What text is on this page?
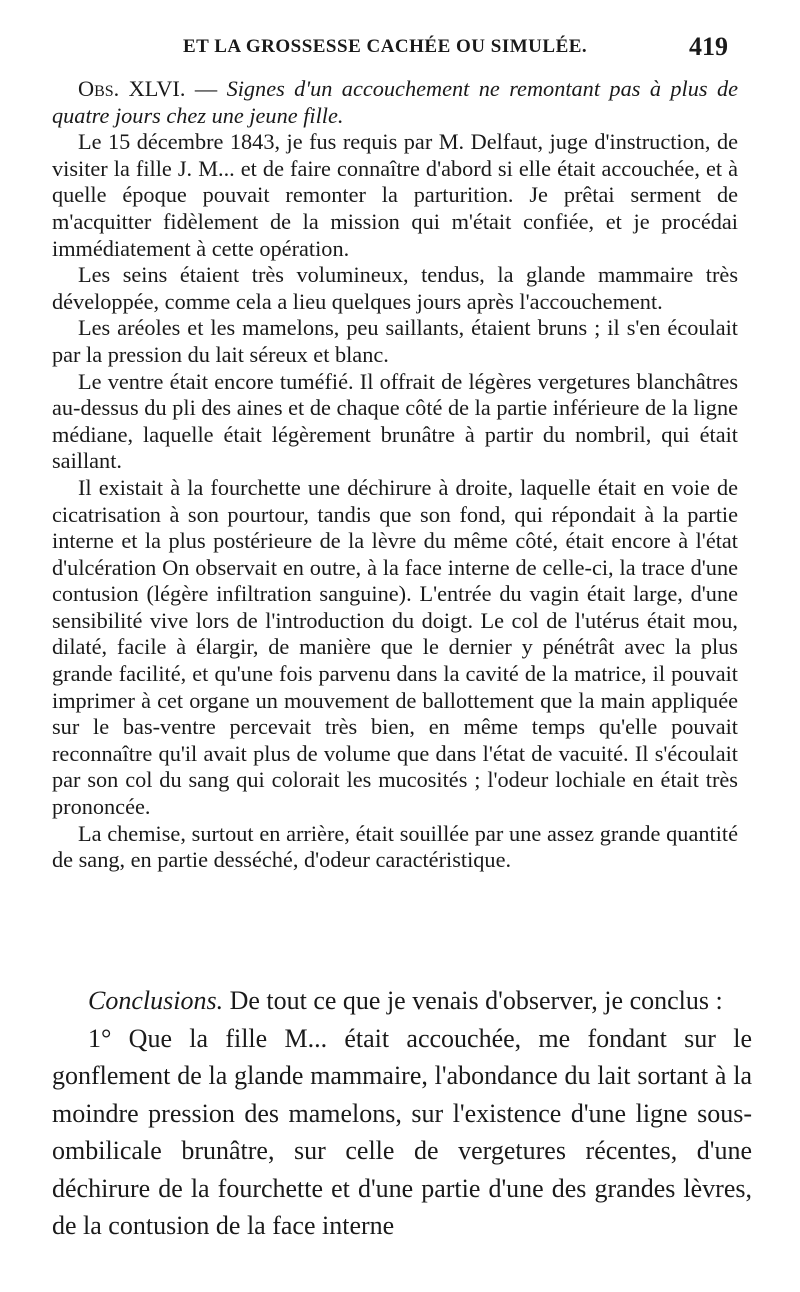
ET LA GROSSESSE CACHÉE OU SIMULÉE.	419

Obs. XLVI. — Signes d'un accouchement ne remontant pas à plus de quatre jours chez une jeune fille.

Le 15 décembre 1843, je fus requis par M. Delfaut, juge d'instruction, de visiter la fille J. M... et de faire connaître d'abord si elle était accouchée, et à quelle époque pouvait remonter la parturition. Je prêtai serment de m'acquitter fidèlement de la mission qui m'était confiée, et je procédai immédiatement à cette opération.

Les seins étaient très volumineux, tendus, la glande mammaire très développée, comme cela a lieu quelques jours après l'accouchement.

Les aréoles et les mamelons, peu saillants, étaient bruns ; il s'en écoulait par la pression du lait séreux et blanc.

Le ventre était encore tuméfié. Il offrait de légères vergetures blanchâtres au-dessus du pli des aines et de chaque côté de la partie inférieure de la ligne médiane, laquelle était légèrement brunâtre à partir du nombril, qui était saillant.

Il existait à la fourchette une déchirure à droite, laquelle était en voie de cicatrisation à son pourtour, tandis que son fond, qui répondait à la partie interne et la plus postérieure de la lèvre du même côté, était encore à l'état d'ulcération On observait en outre, à la face interne de celle-ci, la trace d'une contusion (légère infiltration sanguine). L'entrée du vagin était large, d'une sensibilité vive lors de l'introduction du doigt. Le col de l'utérus était mou, dilaté, facile à élargir, de manière que le dernier y pénétrât avec la plus grande facilité, et qu'une fois parvenu dans la cavité de la matrice, il pouvait imprimer à cet organe un mouvement de ballottement que la main appliquée sur le bas-ventre percevait très bien, en même temps qu'elle pouvait reconnaître qu'il avait plus de volume que dans l'état de vacuité. Il s'écoulait par son col du sang qui colorait les mucosités ; l'odeur lochiale en était très prononcée.

La chemise, surtout en arrière, était souillée par une assez grande quantité de sang, en partie desséché, d'odeur caractéristique.

Conclusions. De tout ce que je venais d'observer, je conclus :

1° Que la fille M... était accouchée, me fondant sur le gonflement de la glande mammaire, l'abondance du lait sortant à la moindre pression des mamelons, sur l'existence d'une ligne sous-ombilicale brunâtre, sur celle de vergetures récentes, d'une déchirure de la fourchette et d'une partie d'une des grandes lèvres, de la contusion de la face interne
